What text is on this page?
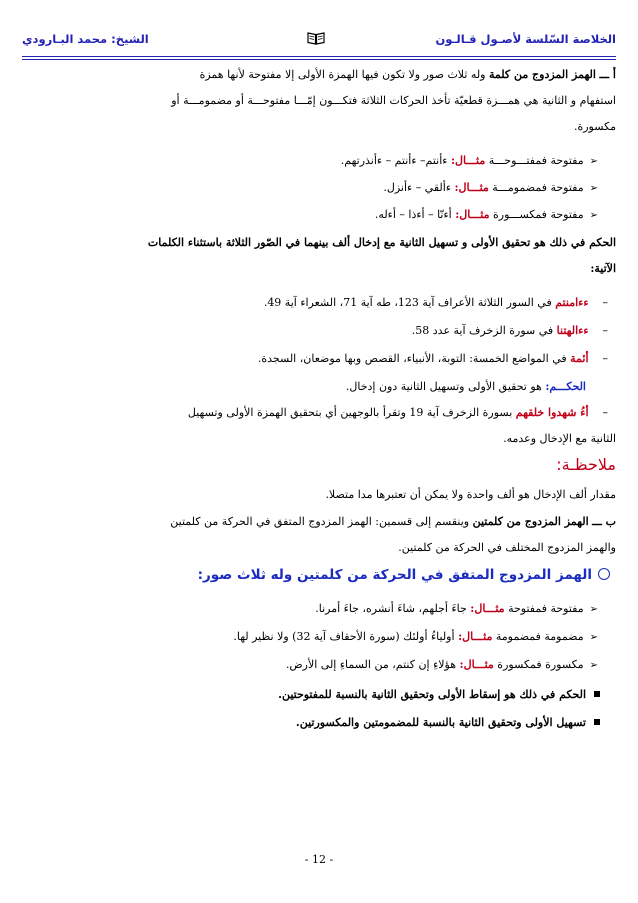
الخلاصة السّلسة لأصـول قـالـون
الشيخ: محمد البـارودي
أ ـــ الهمز المزدوج من كلمة وله ثلاث صور ولا تكون فيها الهمزة الأولى إلا مفتوحة لأنها همزة
استفهام و الثانية هي همـــزة قطعيّة تأخذ الحركات الثلاثة فتكـــون إمّـــا مفتوحـــة أو مضمومـــة أو
مكسورة.
➢مفتوحة فمفتـــوحـــة مثـــال: ءأنتم– ءأنتم – ءأنذرتهم.
➢مفتوحة فمضمومـــة مثـــال: ءألقي – ءأنزل.
➢مفتوحة فمكســـورة مثـــال: أءنّا – أءذا – أءله.
الحكم في ذلك هو تحقيق الأولى و تسهيل الثانية مع إدخال ألف بينهما في الصّور الثلاثة باستثناء الكلمات
الآتية:
–ءءامنتم في السور الثلاثة الأعراف آية 123، طه آية 71، الشعراء آية 49.
–ءءالهتنا في سورة الزخرف آية عدد 58.
–أئمة في المواضع الخمسة: التوبة، الأنبياء، القصص وبها موضعان، السجدة.
الحكـــم: هو تحقيق الأولى وتسهيل الثانية دون إدخال.
–أءُ شهدوا خلقهم بسورة الزخرف آية 19 وتقرأ بالوجهين أي بتحقيق الهمزة الأولى وتسهيل
الثانية مع الإدخال وعدمه.
ملاحظـة:
مقدار ألف الإدخال هو ألف واحدة ولا يمكن أن تعتبرها مدا متصلا.
ب ـــ الهمز المزدوج من كلمتين وينقسم إلى قسمين: الهمز المزدوج المتفق في الحركة من كلمتين
والهمز المزدوج المختلف في الحركة من كلمتين.
الهمز المزدوج المتفق في الحركة من كلمتين وله ثلاث صور:
➢مفتوحة فمفتوحة مثـــال: جاءَ أجلهم، شاءَ أنشره، جاءَ أمرنا.
➢مضمومة فمضمومة مثـــال: أولياءُ أولئك (سورة الأحقاف آية 32) ولا نظير لها.
➢مكسورة فمكسورة مثـــال: هؤلاءِ إن كنتم، من السماءِ إلى الأرض.
الحكم في ذلك هو إسقاط الأولى وتحقيق الثانية بالنسبة للمفتوحتين.
تسهيل الأولى وتحقيق الثانية بالنسبة للمضمومتين والمكسورتين.
- 12 -
